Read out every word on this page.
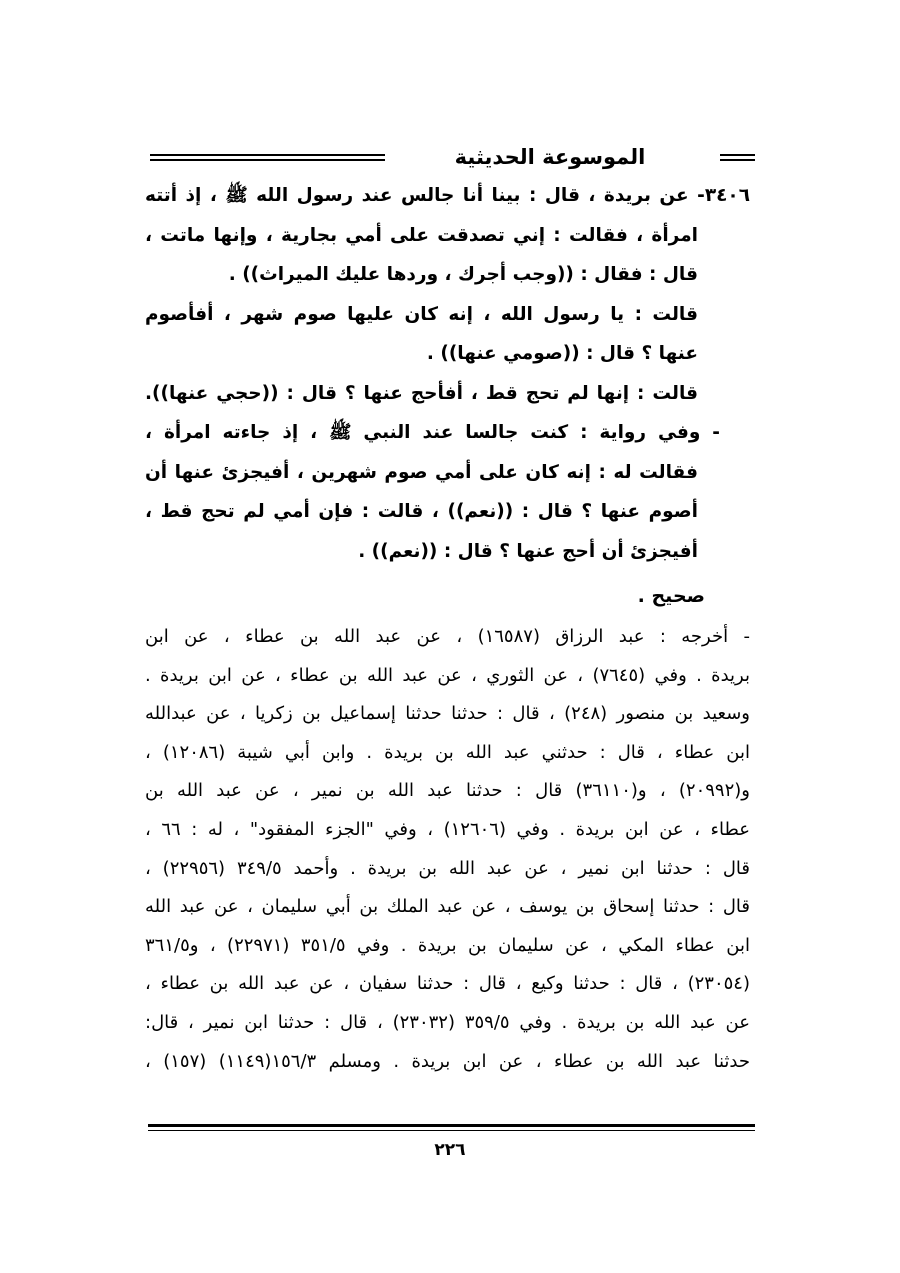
الموسوعة الحديثية
٣٤٠٦- عن بريدة ، قال : بينا أنا جالس عند رسول الله ﷺ ، إذ أتته
امرأة ، فقالت : إني تصدقت على أمي بجارية ، وإنها ماتت ،
قال : فقال : ((وجب أجرك ، وردها عليك الميراث)) .
قالت : يا رسول الله ، إنه كان عليها صوم شهر ، أفأصوم
عنها ؟ قال : ((صومي عنها)) .
قالت : إنها لم تحج قط ، أفأحج عنها ؟ قال : ((حجي عنها)).
- وفي رواية : كنت جالسا عند النبي ﷺ ، إذ جاءته امرأة ،
فقالت له : إنه كان على أمي صوم شهرين ، أفيجزئ عنها أن
أصوم عنها ؟ قال : ((نعم)) ، قالت : فإن أمي لم تحج قط ،
أفيجزئ أن أحج عنها ؟ قال : ((نعم)) .
صحيح .
- أخرجه : عبد الرزاق (١٦٥٨٧) ، عن عبد الله بن عطاء ، عن ابن
بريدة . وفي (٧٦٤٥) ، عن الثوري ، عن عبد الله بن عطاء ، عن ابن بريدة .
وسعيد بن منصور (٢٤٨) ، قال : حدثنا حدثنا إسماعيل بن زكريا ، عن عبدالله
ابن عطاء ، قال : حدثني عبد الله بن بريدة . وابن أبي شيبة (١٢٠٨٦) ،
و(٢٠٩٩٢) ، و(٣٦١١٠) قال : حدثنا عبد الله بن نمير ، عن عبد الله بن
عطاء ، عن ابن بريدة . وفي (١٢٦٠٦) ، وفي "الجزء المفقود" ، له : ٦٦ ،
قال : حدثنا ابن نمير ، عن عبد الله بن بريدة . وأحمد ٣٤٩/٥ (٢٢٩٥٦) ،
قال : حدثنا إسحاق بن يوسف ، عن عبد الملك بن أبي سليمان ، عن عبد الله
ابن عطاء المكي ، عن سليمان بن بريدة . وفي ٣٥١/٥ (٢٢٩٧١) ، و٣٦١/٥
(٢٣٠٥٤) ، قال : حدثنا وكيع ، قال : حدثنا سفيان ، عن عبد الله بن عطاء ،
عن عبد الله بن بريدة . وفي ٣٥٩/٥ (٢٣٠٣٢) ، قال : حدثنا ابن نمير ، قال:
حدثنا عبد الله بن عطاء ، عن ابن بريدة . ومسلم ١٥٦/٣(١١٤٩) (١٥٧) ،
٢٢٦
